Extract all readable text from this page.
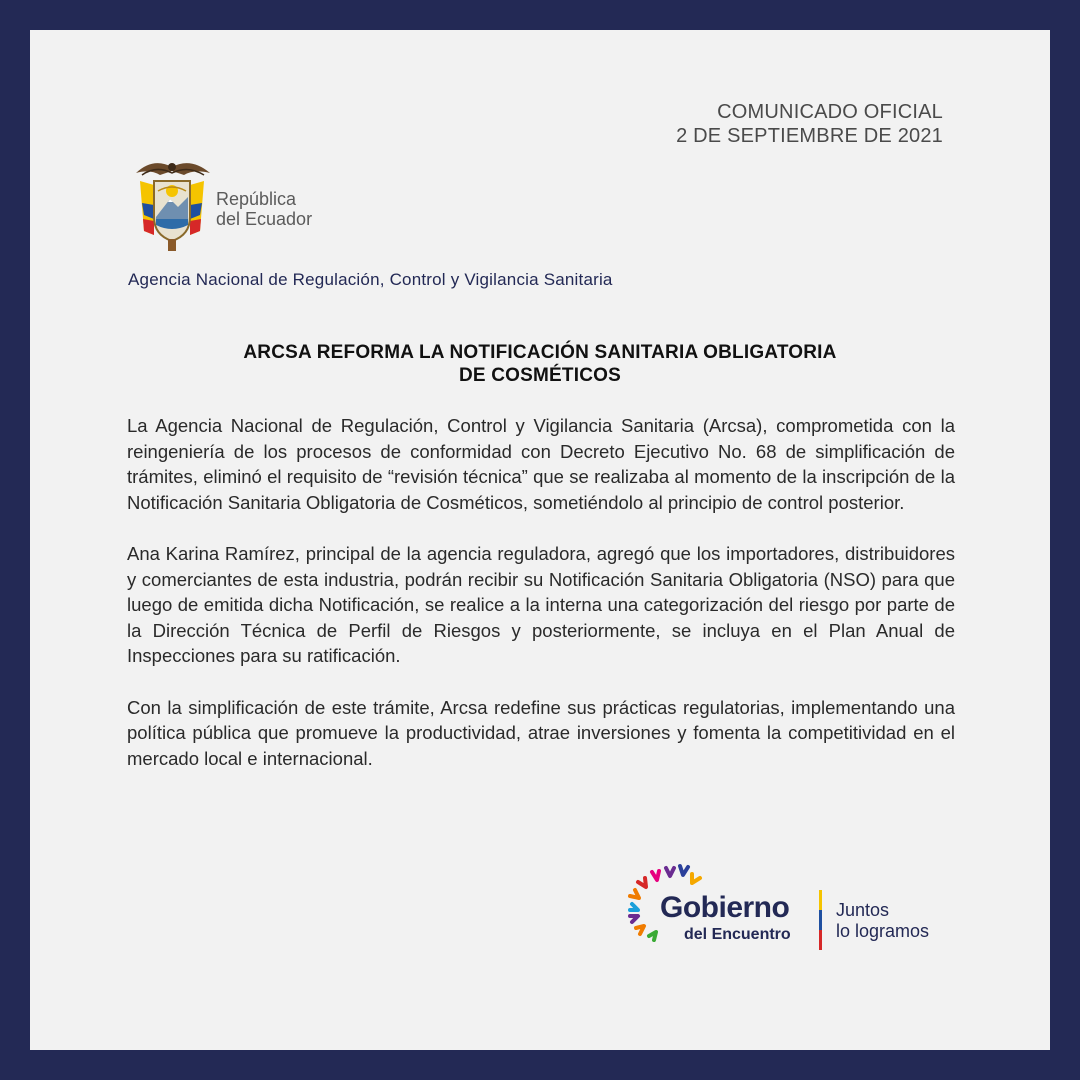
COMUNICADO OFICIAL
2 DE SEPTIEMBRE DE 2021
República
del Ecuador
Agencia Nacional de Regulación, Control y Vigilancia Sanitaria
ARCSA REFORMA LA NOTIFICACIÓN SANITARIA OBLIGATORIA
DE COSMÉTICOS

La Agencia Nacional de Regulación, Control y Vigilancia Sanitaria (Arcsa), comprometida con la reingeniería de los procesos de conformidad con Decreto Ejecutivo No. 68 de simplificación de trámites, eliminó el requisito de “revisión técnica” que se realizaba al momento de la inscripción de la Notificación Sanitaria Obligatoria de Cosméticos, sometiéndolo al principio de control posterior.

Ana Karina Ramírez, principal de la agencia reguladora, agregó que los importadores, distribuidores y comerciantes de esta industria, podrán recibir su Notificación Sanitaria Obligatoria (NSO) para que luego de emitida dicha Notificación, se realice a la interna una categorización del riesgo por parte de la Dirección Técnica de Perfil de Riesgos y posteriormente, se incluya en el Plan Anual de Inspecciones para su ratificación.

Con la simplificación de este trámite, Arcsa redefine sus prácticas regulatorias, implementando una política pública que promueve la productividad, atrae inversiones y fomenta la competitividad en el mercado local e internacional.

Gobierno
del Encuentro
Juntos
lo logramos
